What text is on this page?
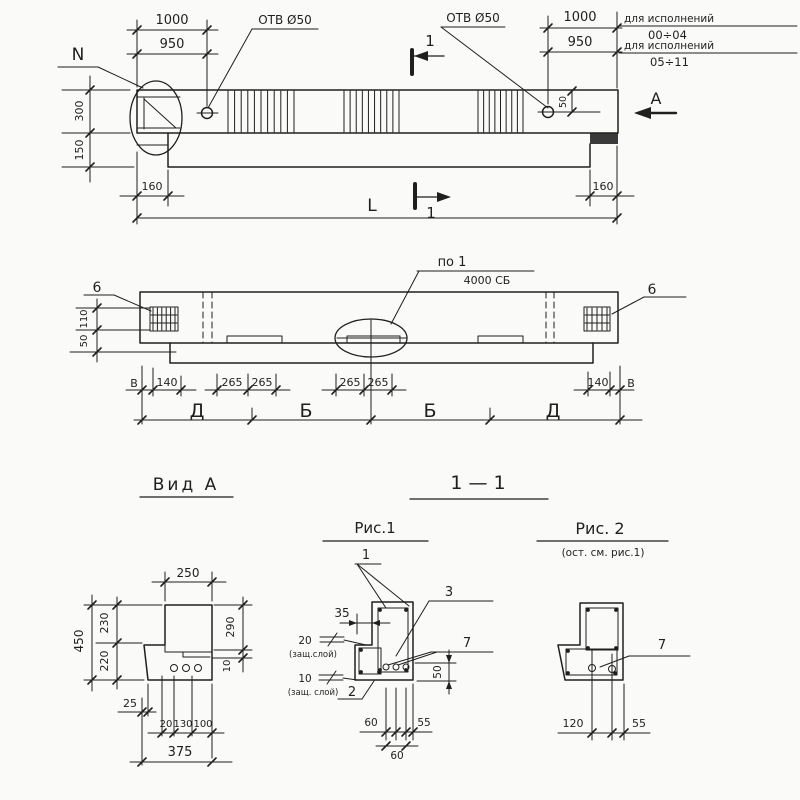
N
ОТВ Ø50	ОТВ Ø50
1000
950
1000
950
для исполнений
00÷04
для исполнений
05÷11
50
1
1
А
300
150
160	160
L
по 1
4000 СБ
6	6
110
50
В 140	265 265	265 265	140 В
Д	Б	Б	Д
Вид А
250
230
220
450
290
10
25
20 130 100
375
1 — 1
Рис.1
1
3
7
2
35
20
(защ.слой)
10
(защ. слой)
50
60	55
60
Рис. 2
(ост. см. рис.1)
7
120	55
